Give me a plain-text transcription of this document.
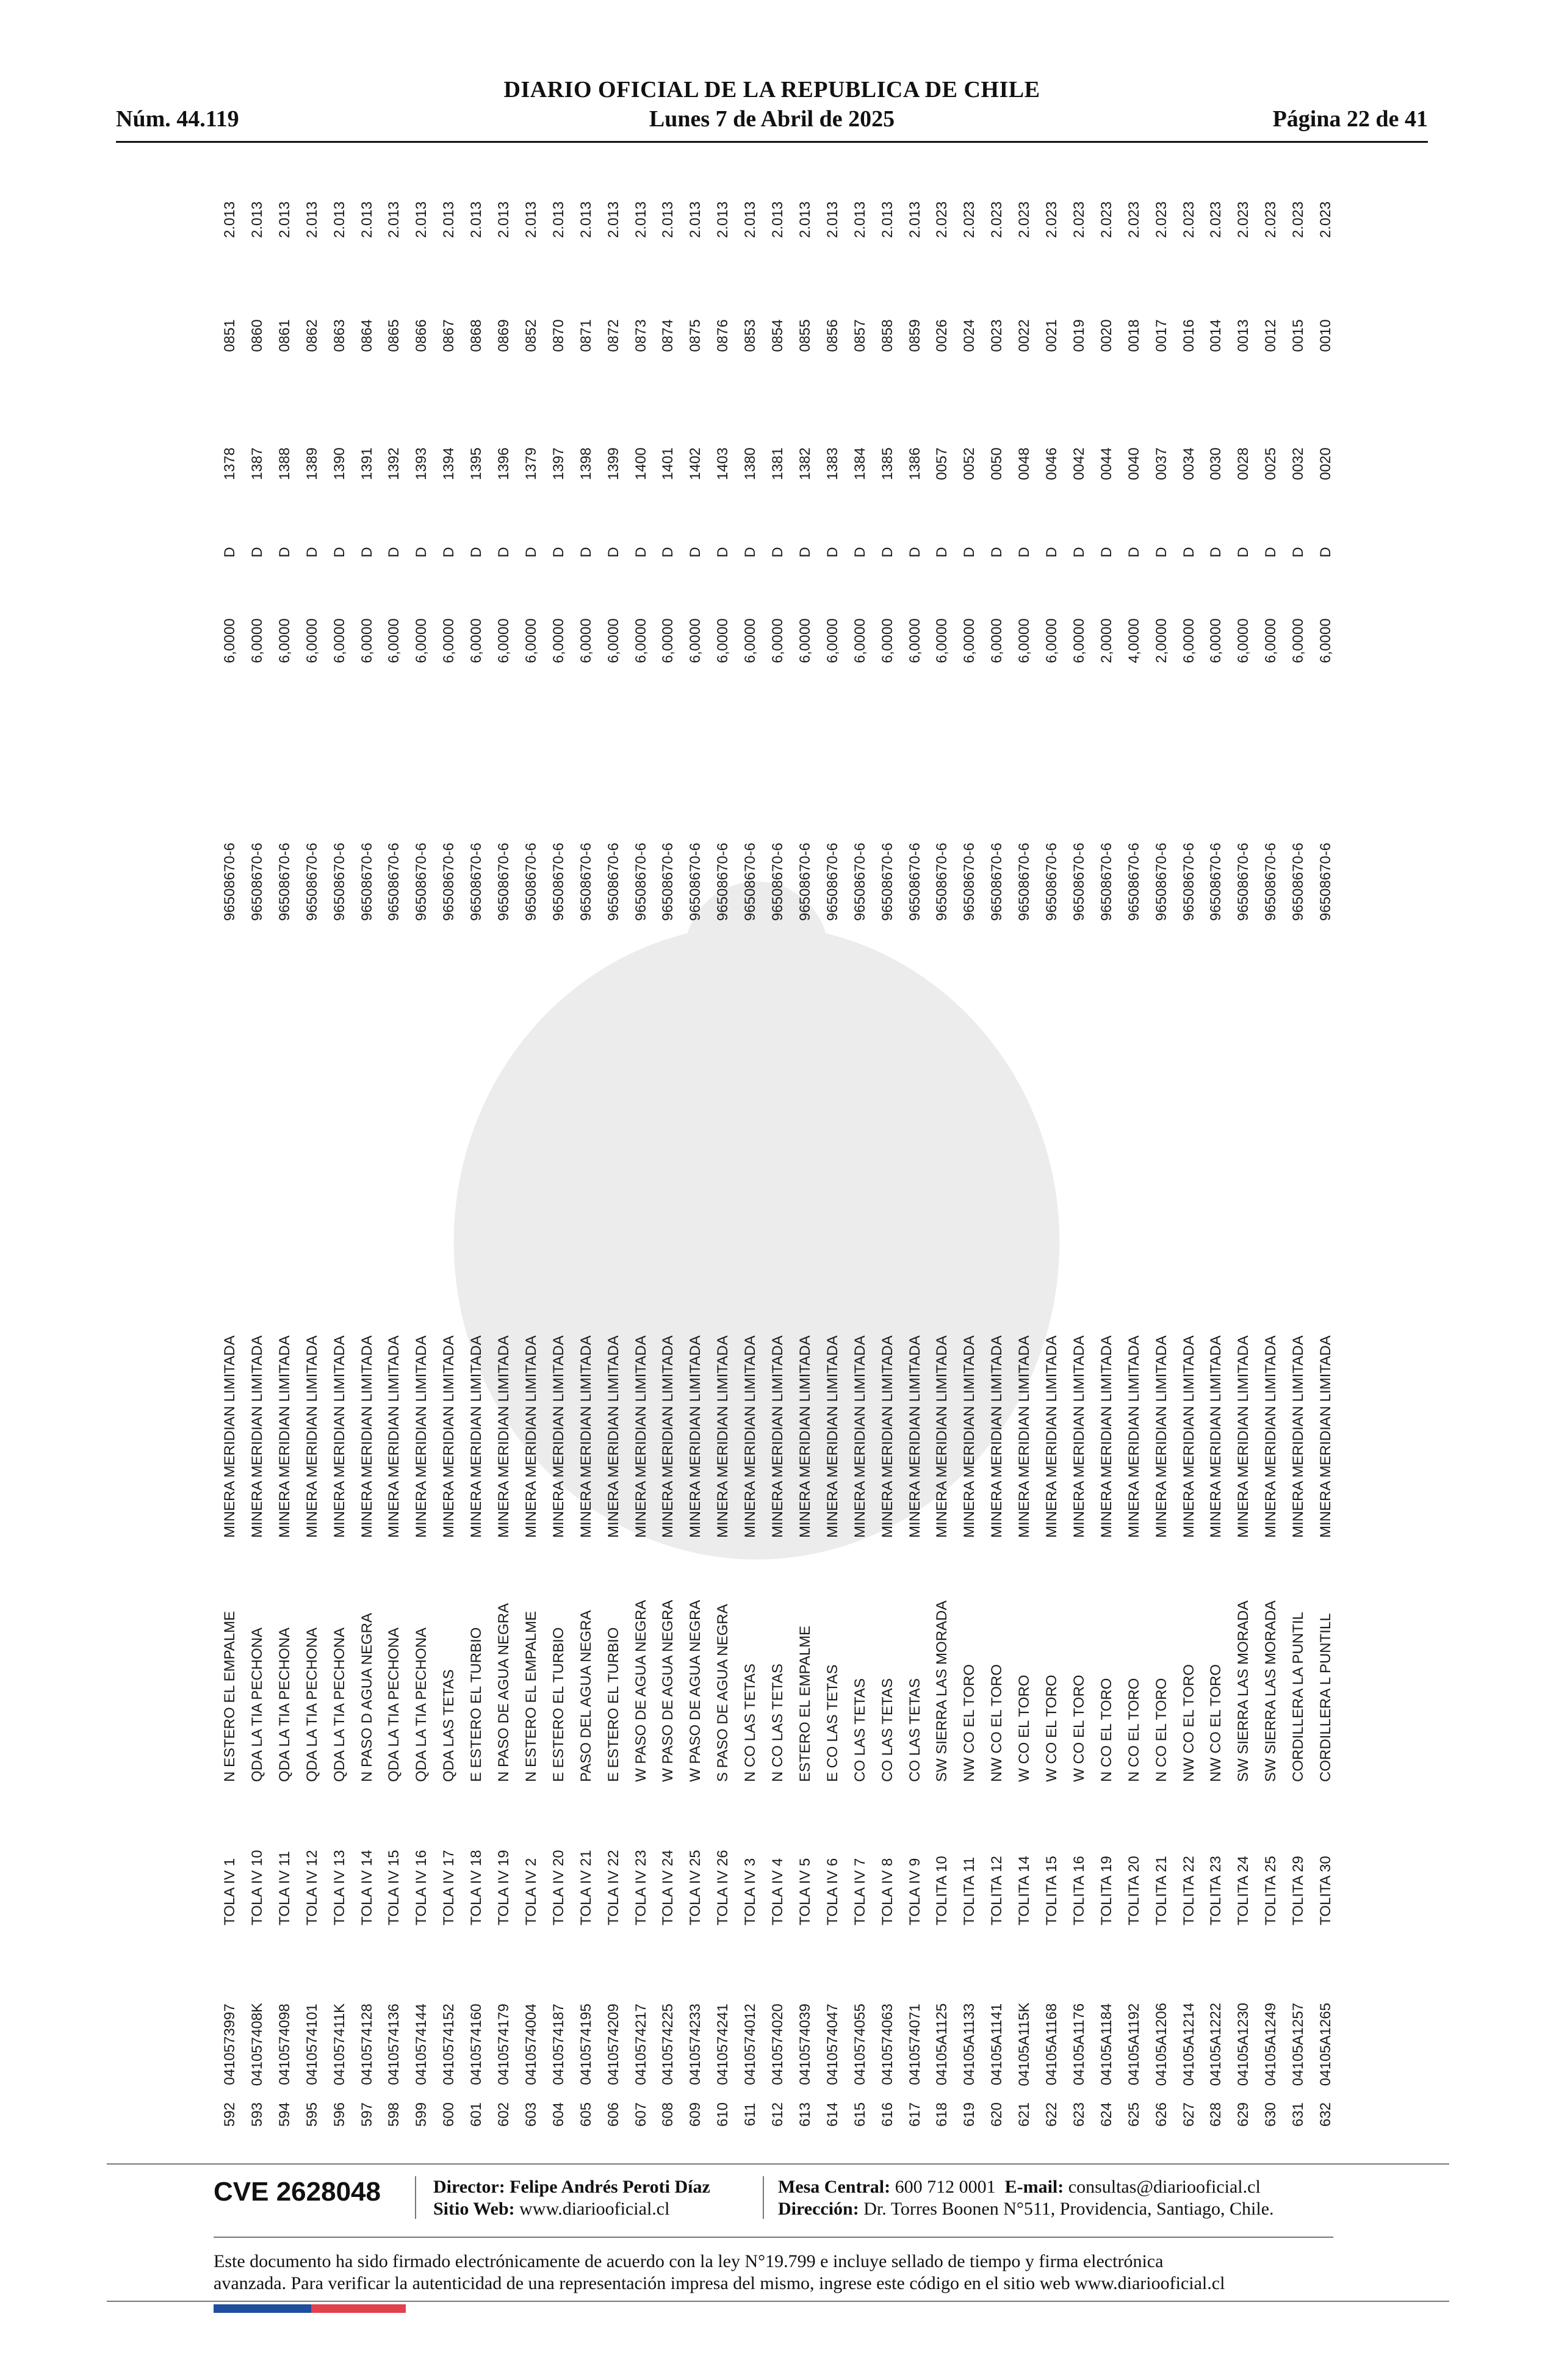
DIARIO OFICIAL DE LA REPUBLICA DE CHILE
Lunes 7 de Abril de 2025
Núm. 44.119	Página 22 de 41
592
0410573997
TOLA IV 1
N ESTERO EL EMPALME
MINERA MERIDIAN LIMITADA
96508670-6
6,0000
D
1378
0851
2.013
593
041057408K
TOLA IV 10
QDA LA TIA PECHONA
MINERA MERIDIAN LIMITADA
96508670-6
6,0000
D
1387
0860
2.013
594
0410574098
TOLA IV 11
QDA LA TIA PECHONA
MINERA MERIDIAN LIMITADA
96508670-6
6,0000
D
1388
0861
2.013
595
0410574101
TOLA IV 12
QDA LA TIA PECHONA
MINERA MERIDIAN LIMITADA
96508670-6
6,0000
D
1389
0862
2.013
596
041057411K
TOLA IV 13
QDA LA TIA PECHONA
MINERA MERIDIAN LIMITADA
96508670-6
6,0000
D
1390
0863
2.013
597
0410574128
TOLA IV 14
N PASO D AGUA NEGRA
MINERA MERIDIAN LIMITADA
96508670-6
6,0000
D
1391
0864
2.013
598
0410574136
TOLA IV 15
QDA LA TIA PECHONA
MINERA MERIDIAN LIMITADA
96508670-6
6,0000
D
1392
0865
2.013
599
0410574144
TOLA IV 16
QDA LA TIA PECHONA
MINERA MERIDIAN LIMITADA
96508670-6
6,0000
D
1393
0866
2.013
600
0410574152
TOLA IV 17
QDA LAS TETAS
MINERA MERIDIAN LIMITADA
96508670-6
6,0000
D
1394
0867
2.013
601
0410574160
TOLA IV 18
E ESTERO EL TURBIO
MINERA MERIDIAN LIMITADA
96508670-6
6,0000
D
1395
0868
2.013
602
0410574179
TOLA IV 19
N PASO DE AGUA NEGRA
MINERA MERIDIAN LIMITADA
96508670-6
6,0000
D
1396
0869
2.013
603
0410574004
TOLA IV 2
N ESTERO EL EMPALME
MINERA MERIDIAN LIMITADA
96508670-6
6,0000
D
1379
0852
2.013
604
0410574187
TOLA IV 20
E ESTERO EL TURBIO
MINERA MERIDIAN LIMITADA
96508670-6
6,0000
D
1397
0870
2.013
605
0410574195
TOLA IV 21
PASO DEL AGUA NEGRA
MINERA MERIDIAN LIMITADA
96508670-6
6,0000
D
1398
0871
2.013
606
0410574209
TOLA IV 22
E ESTERO EL TURBIO
MINERA MERIDIAN LIMITADA
96508670-6
6,0000
D
1399
0872
2.013
607
0410574217
TOLA IV 23
W PASO DE AGUA NEGRA
MINERA MERIDIAN LIMITADA
96508670-6
6,0000
D
1400
0873
2.013
608
0410574225
TOLA IV 24
W PASO DE AGUA NEGRA
MINERA MERIDIAN LIMITADA
96508670-6
6,0000
D
1401
0874
2.013
609
0410574233
TOLA IV 25
W PASO DE AGUA NEGRA
MINERA MERIDIAN LIMITADA
96508670-6
6,0000
D
1402
0875
2.013
610
0410574241
TOLA IV 26
S PASO DE AGUA NEGRA
MINERA MERIDIAN LIMITADA
96508670-6
6,0000
D
1403
0876
2.013
611
0410574012
TOLA IV 3
N CO LAS TETAS
MINERA MERIDIAN LIMITADA
96508670-6
6,0000
D
1380
0853
2.013
612
0410574020
TOLA IV 4
N CO LAS TETAS
MINERA MERIDIAN LIMITADA
96508670-6
6,0000
D
1381
0854
2.013
613
0410574039
TOLA IV 5
ESTERO EL EMPALME
MINERA MERIDIAN LIMITADA
96508670-6
6,0000
D
1382
0855
2.013
614
0410574047
TOLA IV 6
E CO LAS TETAS
MINERA MERIDIAN LIMITADA
96508670-6
6,0000
D
1383
0856
2.013
615
0410574055
TOLA IV 7
CO LAS TETAS
MINERA MERIDIAN LIMITADA
96508670-6
6,0000
D
1384
0857
2.013
616
0410574063
TOLA IV 8
CO LAS TETAS
MINERA MERIDIAN LIMITADA
96508670-6
6,0000
D
1385
0858
2.013
617
0410574071
TOLA IV 9
CO LAS TETAS
MINERA MERIDIAN LIMITADA
96508670-6
6,0000
D
1386
0859
2.013
618
04105A1125
TOLITA 10
SW SIERRA LAS MORADA
MINERA MERIDIAN LIMITADA
96508670-6
6,0000
D
0057
0026
2.023
619
04105A1133
TOLITA 11
NW CO EL TORO
MINERA MERIDIAN LIMITADA
96508670-6
6,0000
D
0052
0024
2.023
620
04105A1141
TOLITA 12
NW CO EL TORO
MINERA MERIDIAN LIMITADA
96508670-6
6,0000
D
0050
0023
2.023
621
04105A115K
TOLITA 14
W CO EL TORO
MINERA MERIDIAN LIMITADA
96508670-6
6,0000
D
0048
0022
2.023
622
04105A1168
TOLITA 15
W CO EL TORO
MINERA MERIDIAN LIMITADA
96508670-6
6,0000
D
0046
0021
2.023
623
04105A1176
TOLITA 16
W CO EL TORO
MINERA MERIDIAN LIMITADA
96508670-6
6,0000
D
0042
0019
2.023
624
04105A1184
TOLITA 19
N CO EL TORO
MINERA MERIDIAN LIMITADA
96508670-6
2,0000
D
0044
0020
2.023
625
04105A1192
TOLITA 20
N CO EL TORO
MINERA MERIDIAN LIMITADA
96508670-6
4,0000
D
0040
0018
2.023
626
04105A1206
TOLITA 21
N CO EL TORO
MINERA MERIDIAN LIMITADA
96508670-6
2,0000
D
0037
0017
2.023
627
04105A1214
TOLITA 22
NW CO EL TORO
MINERA MERIDIAN LIMITADA
96508670-6
6,0000
D
0034
0016
2.023
628
04105A1222
TOLITA 23
NW CO EL TORO
MINERA MERIDIAN LIMITADA
96508670-6
6,0000
D
0030
0014
2.023
629
04105A1230
TOLITA 24
SW SIERRA LAS MORADA
MINERA MERIDIAN LIMITADA
96508670-6
6,0000
D
0028
0013
2.023
630
04105A1249
TOLITA 25
SW SIERRA LAS MORADA
MINERA MERIDIAN LIMITADA
96508670-6
6,0000
D
0025
0012
2.023
631
04105A1257
TOLITA 29
CORDILLERA LA PUNTIL
MINERA MERIDIAN LIMITADA
96508670-6
6,0000
D
0032
0015
2.023
632
04105A1265
TOLITA 30
CORDILLERA L PUNTILL
MINERA MERIDIAN LIMITADA
96508670-6
6,0000
D
0020
0010
2.023
CVE 2628048	Director: Felipe Andrés Peroti Díaz
Sitio Web: www.diariooficial.cl
Mesa Central: 600 712 0001 E-mail: consultas@diariooficial.cl
Dirección: Dr. Torres Boonen N°511, Providencia, Santiago, Chile.
Este documento ha sido firmado electrónicamente de acuerdo con la ley N°19.799 e incluye sellado de tiempo y firma electrónica
avanzada. Para verificar la autenticidad de una representación impresa del mismo, ingrese este código en el sitio web www.diariooficial.cl
